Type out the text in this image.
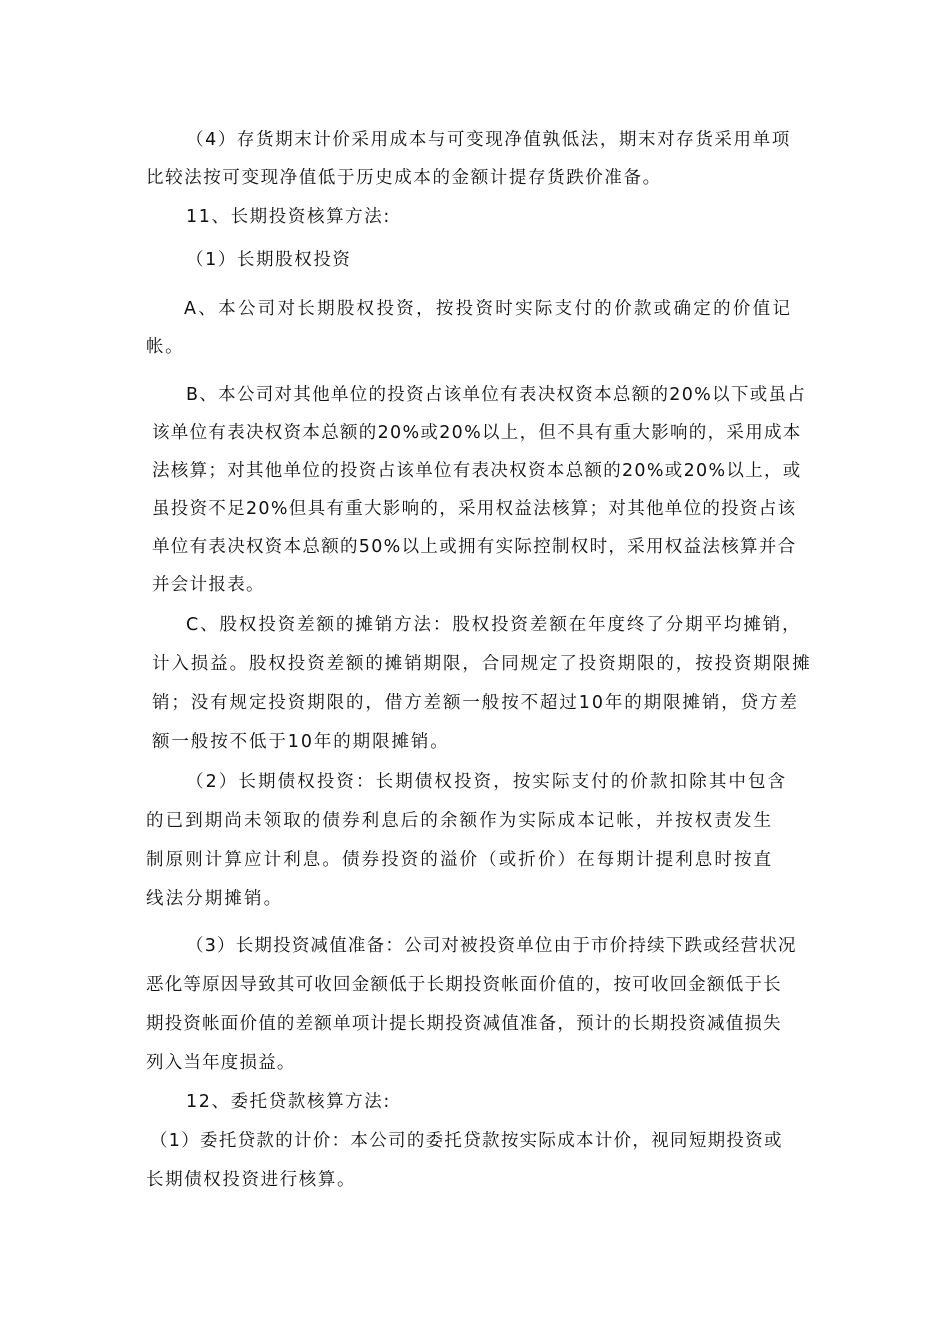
（4）存货期末计价采用成本与可变现净值孰低法，期末对存货采用单项
比较法按可变现净值低于历史成本的金额计提存货跌价准备。
11、长期投资核算方法:
（1）长期股权投资
A、本公司对长期股权投资，按投资时实际支付的价款或确定的价值记
帐。
B、本公司对其他单位的投资占该单位有表决权资本总额的20%以下或虽占
该单位有表决权资本总额的20%或20%以上，但不具有重大影响的，采用成本
法核算；对其他单位的投资占该单位有表决权资本总额的20%或20%以上，或
虽投资不足20%但具有重大影响的，采用权益法核算；对其他单位的投资占该
单位有表决权资本总额的50%以上或拥有实际控制权时，采用权益法核算并合
并会计报表。
C、股权投资差额的摊销方法：股权投资差额在年度终了分期平均摊销，
计入损益。股权投资差额的摊销期限，合同规定了投资期限的，按投资期限摊
销；没有规定投资期限的，借方差额一般按不超过10年的期限摊销，贷方差
额一般按不低于10年的期限摊销。
（2）长期债权投资：长期债权投资，按实际支付的价款扣除其中包含
的已到期尚未领取的债券利息后的余额作为实际成本记帐，并按权责发生
制原则计算应计利息。债券投资的溢价（或折价）在每期计提利息时按直
线法分期摊销。
（3）长期投资减值准备：公司对被投资单位由于市价持续下跌或经营状况
恶化等原因导致其可收回金额低于长期投资帐面价值的，按可收回金额低于长
期投资帐面价值的差额单项计提长期投资减值准备，预计的长期投资减值损失
列入当年度损益。
12、委托贷款核算方法:
（1）委托贷款的计价：本公司的委托贷款按实际成本计价，视同短期投资或
长期债权投资进行核算。
